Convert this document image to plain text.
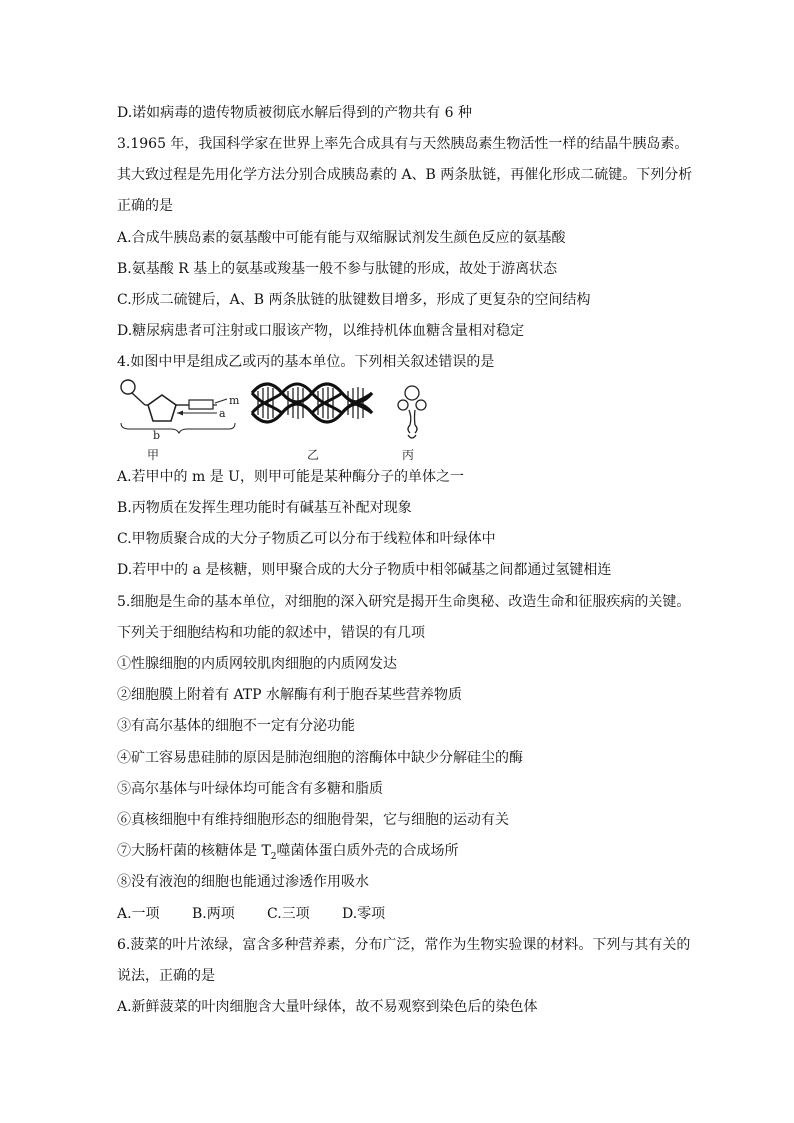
D.诺如病毒的遗传物质被彻底水解后得到的产物共有 6 种
3.1965 年，我国科学家在世界上率先合成具有与天然胰岛素生物活性一样的结晶牛胰岛素。
其大致过程是先用化学方法分别合成胰岛素的 A、B 两条肽链，再催化形成二硫键。下列分析
正确的是
A.合成牛胰岛素的氨基酸中可能有能与双缩脲试剂发生颜色反应的氨基酸
B.氨基酸 R 基上的氨基或羧基一般不参与肽键的形成，故处于游离状态
C.形成二硫键后，A、B 两条肽链的肽键数目增多，形成了更复杂的空间结构
D.糖尿病患者可注射或口服该产物，以维持机体血糖含量相对稳定
4.如图中甲是组成乙或丙的基本单位。下列相关叙述错误的是
m
a
b
甲	乙	丙
A.若甲中的 m 是 U，则甲可能是某种酶分子的单体之一
B.丙物质在发挥生理功能时有碱基互补配对现象
C.甲物质聚合成的大分子物质乙可以分布于线粒体和叶绿体中
D.若甲中的 a 是核糖，则甲聚合成的大分子物质中相邻碱基之间都通过氢键相连
5.细胞是生命的基本单位，对细胞的深入研究是揭开生命奥秘、改造生命和征服疾病的关键。
下列关于细胞结构和功能的叙述中，错误的有几项
①性腺细胞的内质网较肌肉细胞的内质网发达
②细胞膜上附着有 ATP 水解酶有利于胞吞某些营养物质
③有高尔基体的细胞不一定有分泌功能
④矿工容易患硅肺的原因是肺泡细胞的溶酶体中缺少分解硅尘的酶
⑤高尔基体与叶绿体均可能含有多糖和脂质
⑥真核细胞中有维持细胞形态的细胞骨架，它与细胞的运动有关
⑦大肠杆菌的核糖体是 $T_2$噬菌体蛋白质外壳的合成场所
⑧没有液泡的细胞也能通过渗透作用吸水
A.一项 B.两项 C.三项 D.零项
6.菠菜的叶片浓绿，富含多种营养素，分布广泛，常作为生物实验课的材料。下列与其有关的
说法，正确的是
A.新鲜菠菜的叶肉细胞含大量叶绿体，故不易观察到染色后的染色体
